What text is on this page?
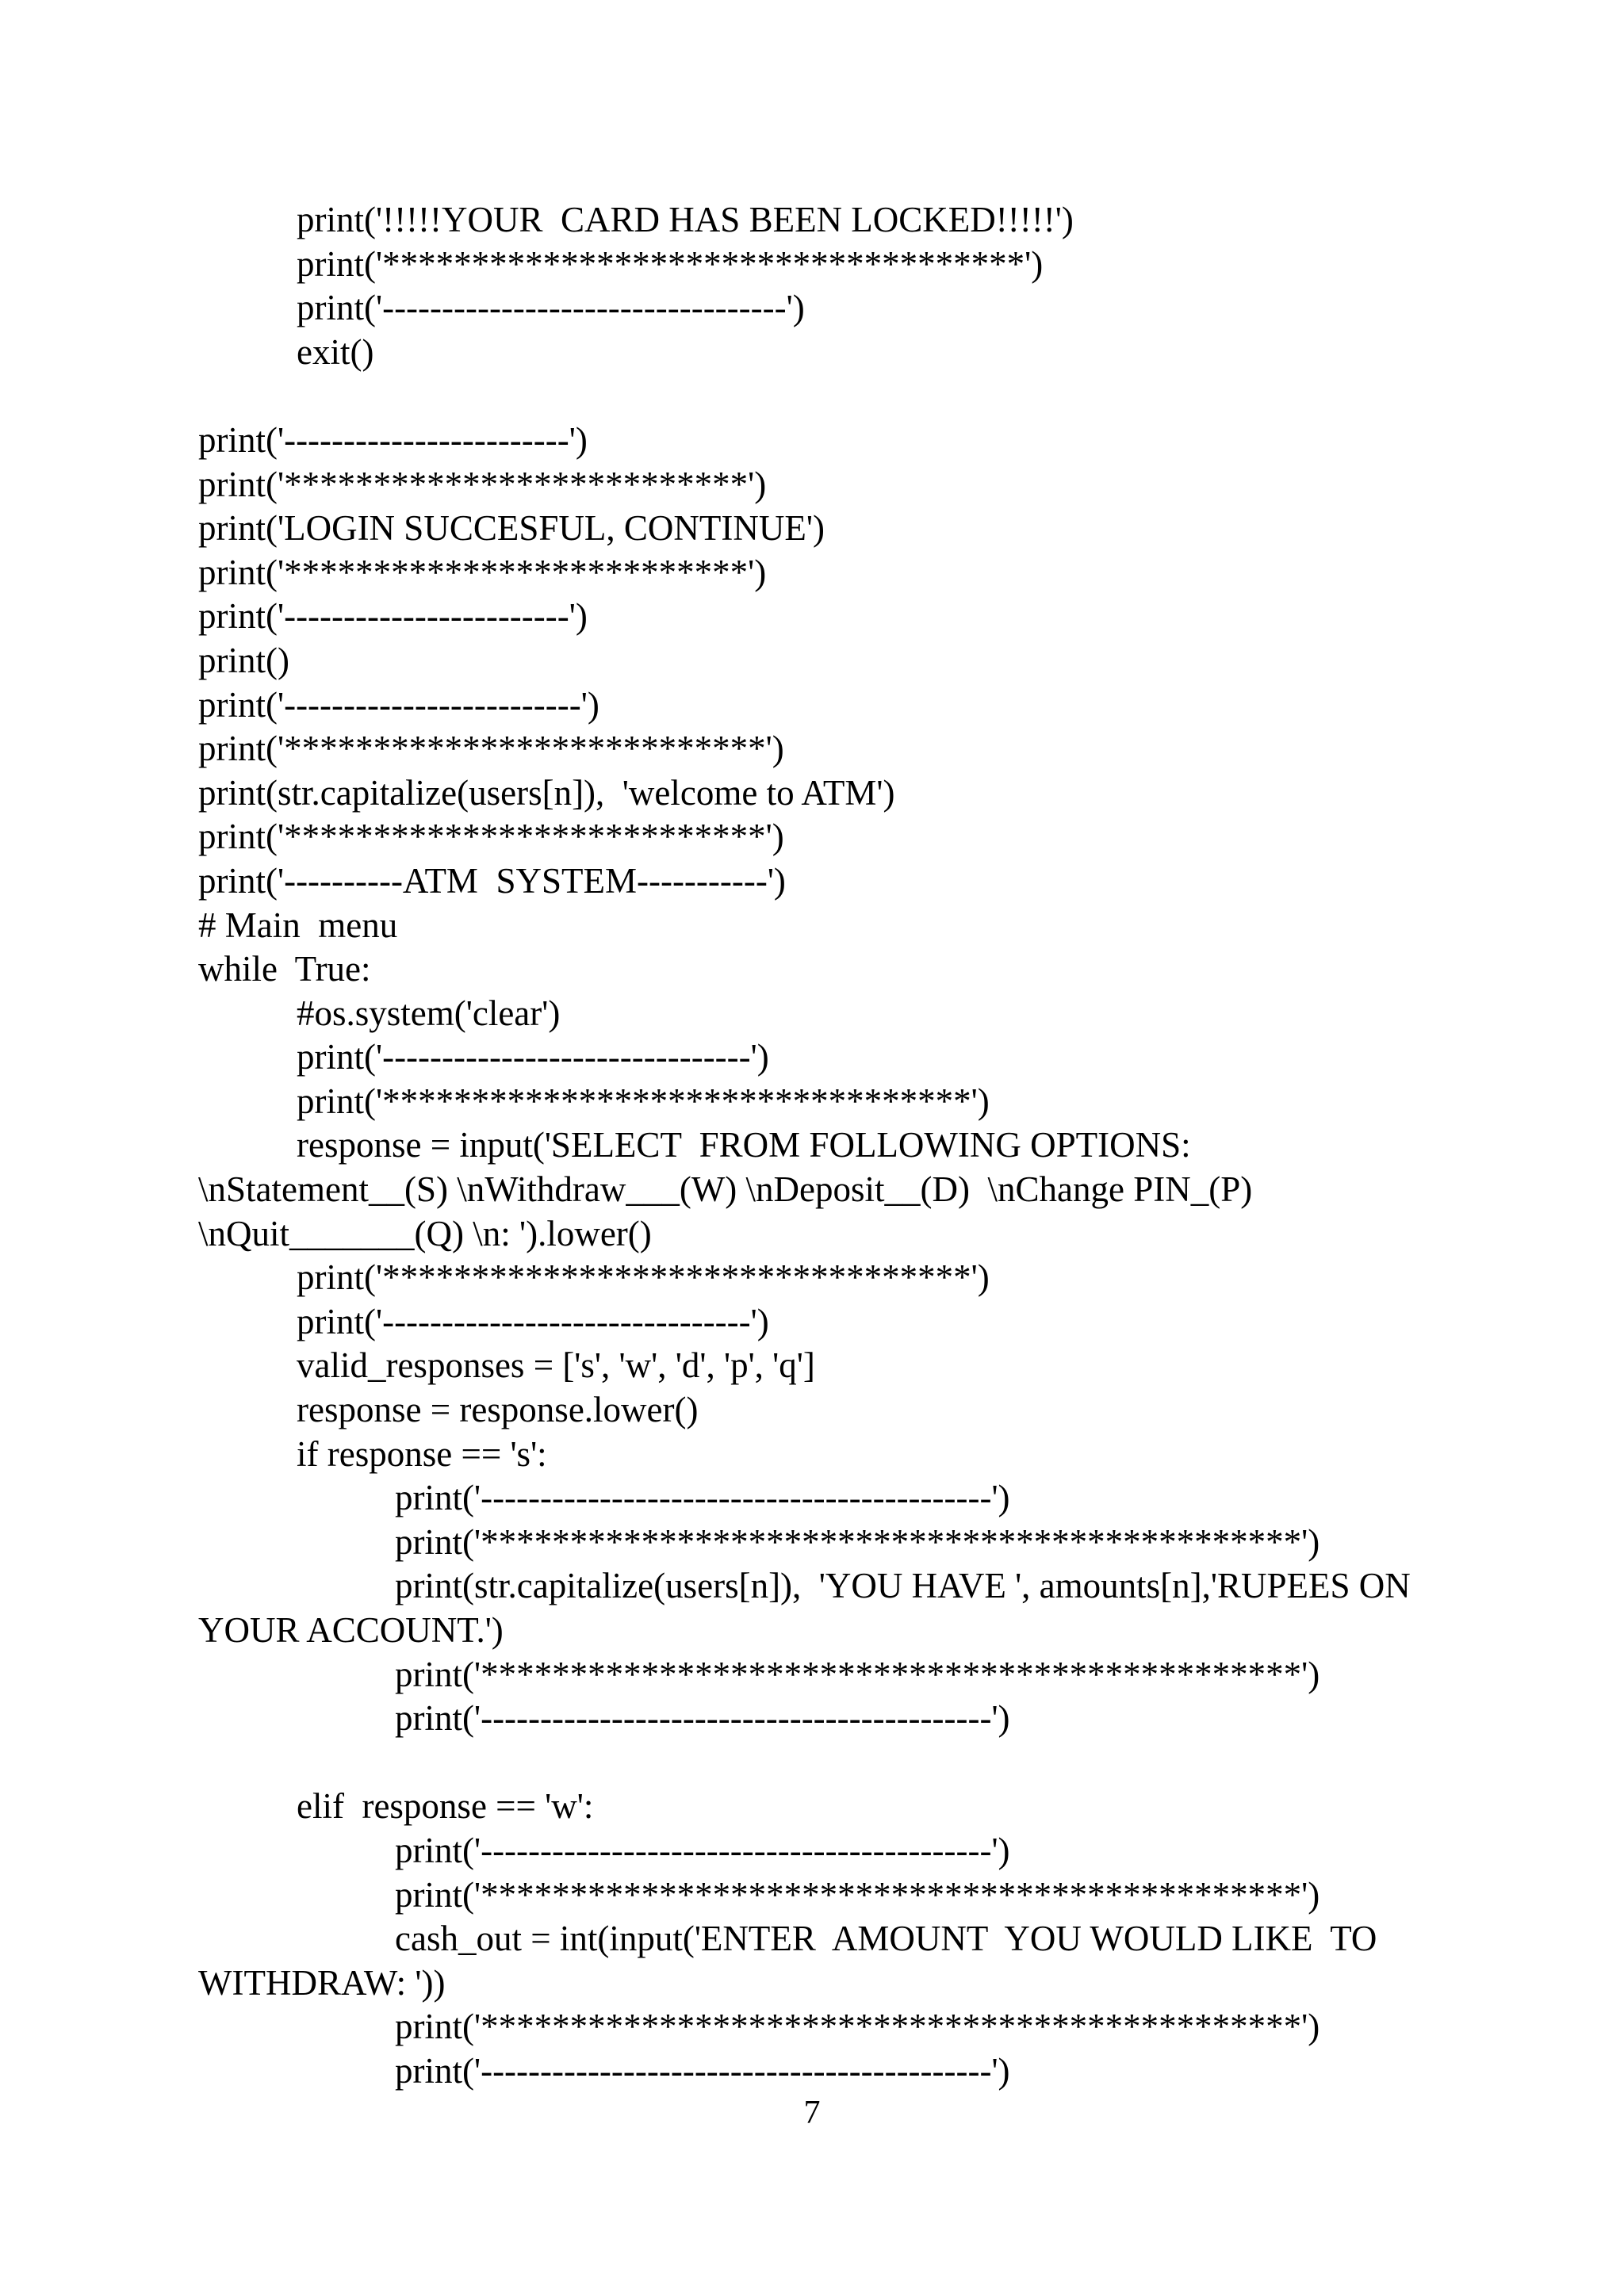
print('!!!!!YOUR  CARD HAS BEEN LOCKED!!!!!')
print('************************************')
print('----------------------------------')
exit()
print('------------------------')
print('**************************')
print('LOGIN SUCCESFUL, CONTINUE')
print('**************************')
print('------------------------')
print()
print('-------------------------')
print('***************************')
print(str.capitalize(users[n]),  'welcome to ATM')
print('***************************')
print('----------ATM  SYSTEM-----------')
# Main  menu
while  True:
#os.system('clear')
print('-------------------------------')
print('*********************************')
response = input('SELECT  FROM FOLLOWING OPTIONS:
\nStatement__(S) \nWithdraw___(W) \nDeposit__(D)  \nChange PIN_(P)
\nQuit_______(Q) \n: ').lower()
print('*********************************')
print('-------------------------------')
valid_responses = ['s', 'w', 'd', 'p', 'q']
response = response.lower()
if response == 's':
print('-------------------------------------------')
print('**********************************************')
print(str.capitalize(users[n]),  'YOU HAVE ', amounts[n],'RUPEES ON
YOUR ACCOUNT.')
print('**********************************************')
print('-------------------------------------------')
elif  response == 'w':
print('-------------------------------------------')
print('**********************************************')
cash_out = int(input('ENTER  AMOUNT  YOU WOULD LIKE  TO
WITHDRAW: '))
print('**********************************************')
print('-------------------------------------------')
7
